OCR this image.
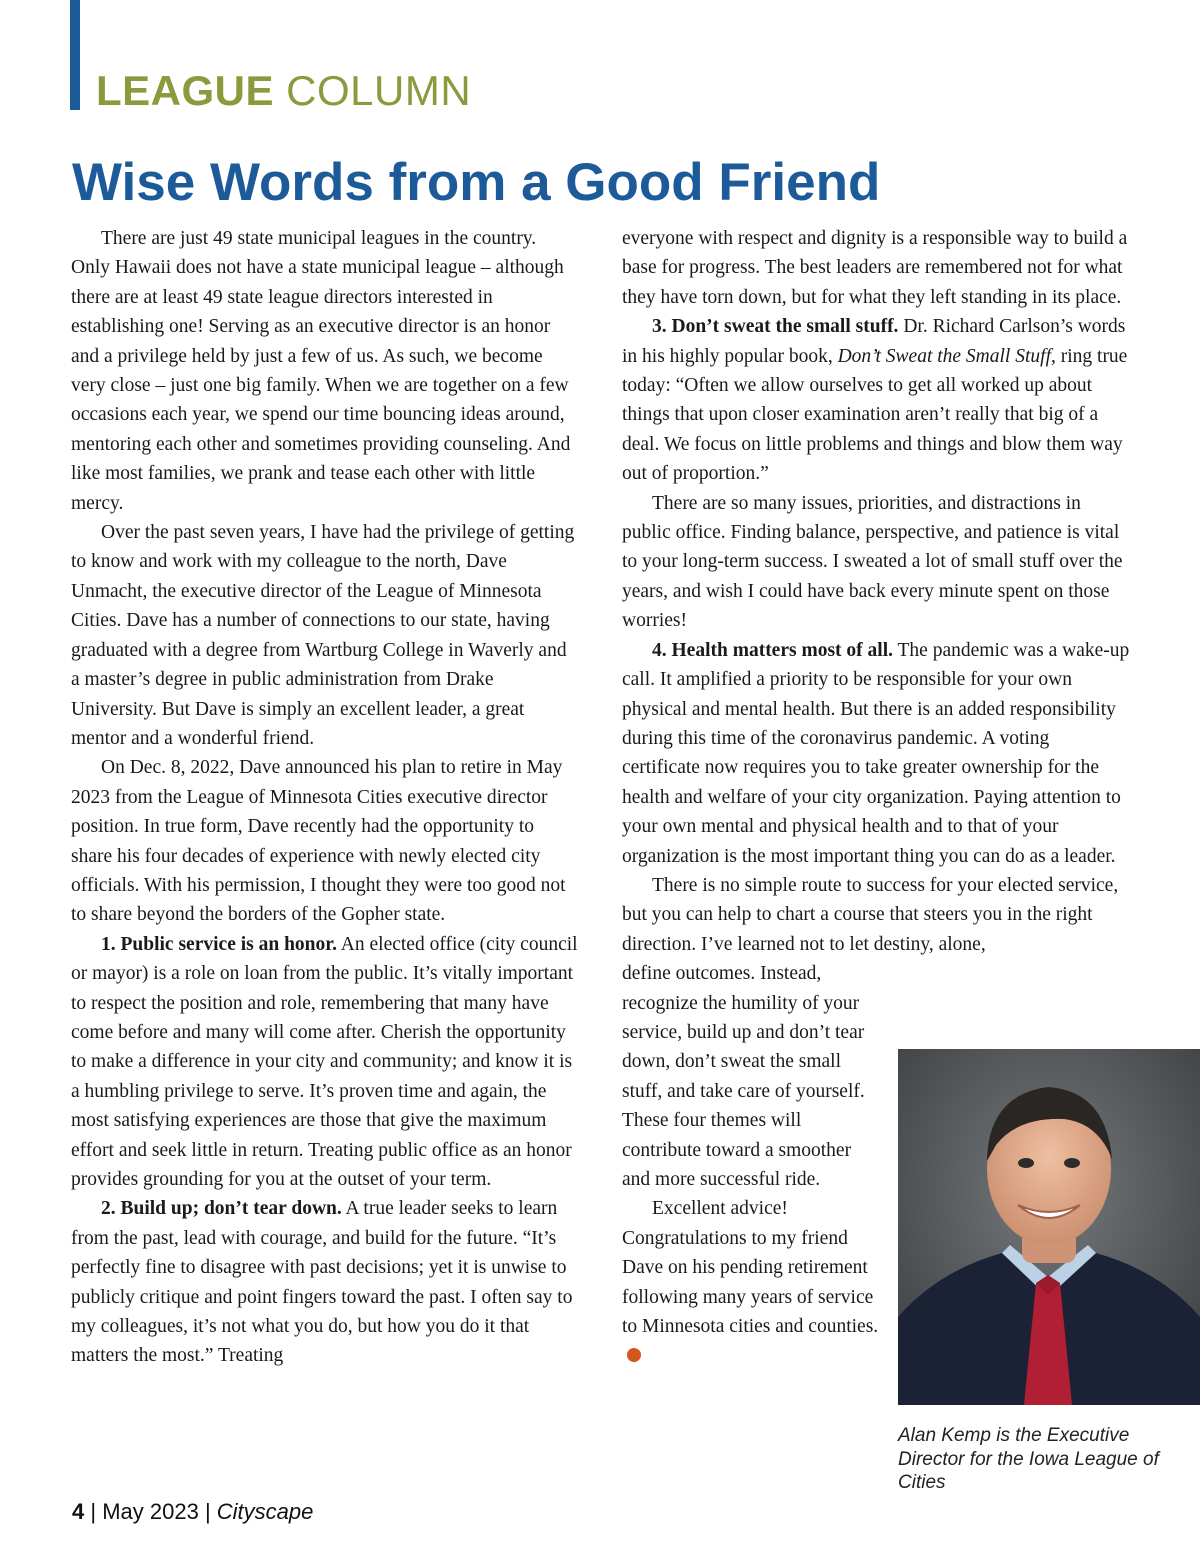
LEAGUE COLUMN
Wise Words from a Good Friend

There are just 49 state municipal leagues in the country. Only Hawaii does not have a state municipal league – although there are at least 49 state league directors interested in establishing one! Serving as an executive director is an honor and a privilege held by just a few of us. As such, we become very close – just one big family. When we are together on a few occasions each year, we spend our time bouncing ideas around, mentoring each other and sometimes providing counseling. And like most families, we prank and tease each other with little mercy.

Over the past seven years, I have had the privilege of getting to know and work with my colleague to the north, Dave Unmacht, the executive director of the League of Minnesota Cities. Dave has a number of connections to our state, having graduated with a degree from Wartburg College in Waverly and a master’s degree in public administration from Drake University. But Dave is simply an excellent leader, a great mentor and a wonderful friend.

On Dec. 8, 2022, Dave announced his plan to retire in May 2023 from the League of Minnesota Cities executive director position. In true form, Dave recently had the opportunity to share his four decades of experience with newly elected city officials. With his permission, I thought they were too good not to share beyond the borders of the Gopher state.

1. Public service is an honor. An elected office (city council or mayor) is a role on loan from the public. It’s vitally important to respect the position and role, remembering that many have come before and many will come after. Cherish the opportunity to make a difference in your city and community; and know it is a humbling privilege to serve. It’s proven time and again, the most satisfying experiences are those that give the maximum effort and seek little in return. Treating public office as an honor provides grounding for you at the outset of your term.

2. Build up; don’t tear down. A true leader seeks to learn from the past, lead with courage, and build for the future. “It’s perfectly fine to disagree with past decisions; yet it is unwise to publicly critique and point fingers toward the past. I often say to my colleagues, it’s not what you do, but how you do it that matters the most.” Treating

everyone with respect and dignity is a responsible way to build a base for progress. The best leaders are remembered not for what they have torn down, but for what they left standing in its place.

3. Don’t sweat the small stuff. Dr. Richard Carlson’s words in his highly popular book, Don’t Sweat the Small Stuff, ring true today: “Often we allow ourselves to get all worked up about things that upon closer examination aren’t really that big of a deal. We focus on little problems and things and blow them way out of proportion.”

There are so many issues, priorities, and distractions in public office. Finding balance, perspective, and patience is vital to your long-term success. I sweated a lot of small stuff over the years, and wish I could have back every minute spent on those worries!

4. Health matters most of all. The pandemic was a wake-up call. It amplified a priority to be responsible for your own physical and mental health. But there is an added responsibility during this time of the coronavirus pandemic. A voting certificate now requires you to take greater ownership for the health and welfare of your city organization. Paying attention to your own mental and physical health and to that of your organization is the most important thing you can do as a leader.

There is no simple route to success for your elected service, but you can help to chart a course that steers you in the right direction. I’ve learned not to let destiny, alone,

define outcomes. Instead, recognize the humility of your service, build up and don’t tear down, don’t sweat the small stuff, and take care of yourself. These four themes will contribute toward a smoother and more successful ride.

Excellent advice! Congratulations to my friend Dave on his pending retirement following many years of service to Minnesota cities and counties.

Alan Kemp is the Executive Director for the Iowa League of Cities
4 | May 2023 | Cityscape
